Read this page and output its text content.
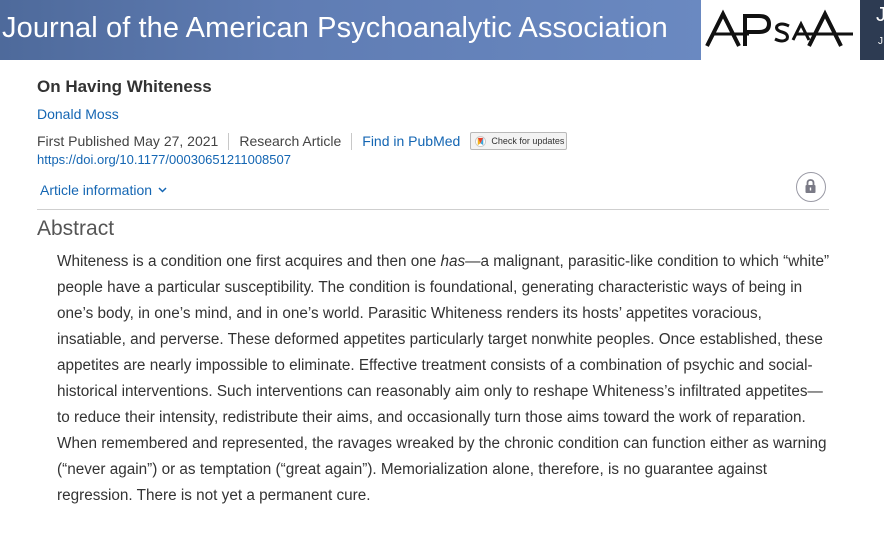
Journal of the American Psychoanalytic Association	J
J
On Having Whiteness
Donald Moss
First Published May 27, 2021 Research Article Find in PubMed	Check for updates
https://doi.org/10.1177/00030651211008507
Article information
Abstract

Whiteness is a condition one first acquires and then one has—a malignant, parasitic-like condition to which “white” people have a particular susceptibility. The condition is foundational, generating characteristic ways of being in one’s body, in one’s mind, and in one’s world. Parasitic Whiteness renders its hosts’ appetites voracious, insatiable, and perverse. These deformed appetites particularly target nonwhite peoples. Once established, these appetites are nearly impossible to eliminate. Effective treatment consists of a combination of psychic and social-historical interventions. Such interventions can reasonably aim only to reshape Whiteness’s infiltrated appetites—to reduce their intensity, redistribute their aims, and occasionally turn those aims toward the work of reparation. When remembered and represented, the ravages wreaked by the chronic condition can function either as warning (“never again”) or as temptation (“great again”). Memorialization alone, therefore, is no guarantee against regression. There is not yet a permanent cure.
